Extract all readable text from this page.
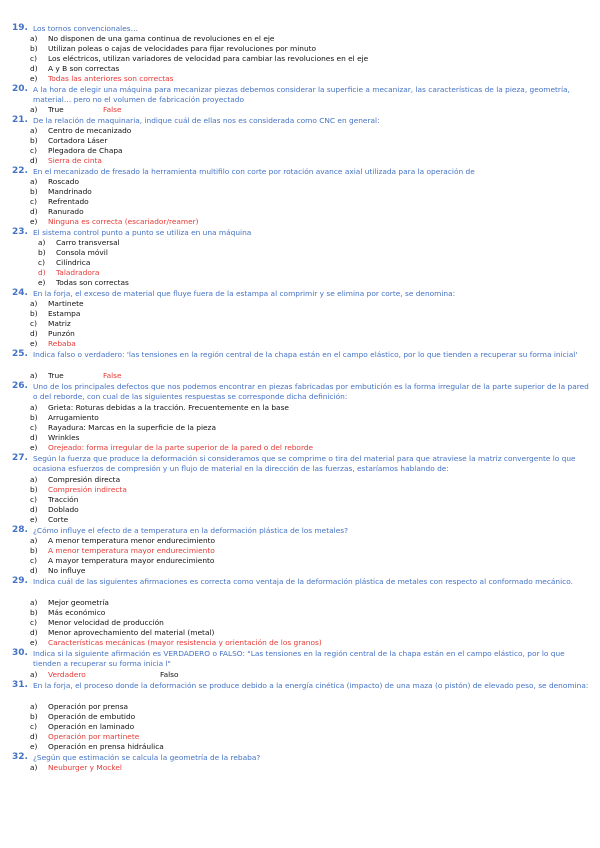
19. Los tornos convencionales…
a) No disponen de una gama continua de revoluciones en el eje
b) Utilizan poleas o cajas de velocidades para fijar revoluciones por minuto
c) Los eléctricos, utilizan variadores de velocidad para cambiar las revoluciones en el eje
d) A y B son correctas
e) Todas las anteriores son correctas
20. A la hora de elegir una máquina para mecanizar piezas debemos considerar la superficie a mecanizar, las características de la pieza, geometría, material… pero no el volumen de fabricación proyectado
a) True	False
21. De la relación de maquinaria, indique cuál de ellas nos es considerada como CNC en general:
a) Centro de mecanizado
b) Cortadora Láser
c) Plegadora de Chapa
d) Sierra de cinta
22. En el mecanizado de fresado la herramienta multifilo con corte por rotación avance axial utilizada para la operación de
a) Roscado
b) Mandrinado
c) Refrentado
d) Ranurado
e) Ninguna es correcta (escariador/reamer)
23. El sistema control punto a punto se utiliza en una máquina
a) Carro transversal
b) Consola móvil
c) Cilíndrica
d) Taladradora
e) Todas son correctas
24. En la forja, el exceso de material que fluye fuera de la estampa al comprimir y se elimina por corte, se denomina:
a) Martinete
b) Estampa
c) Matriz
d) Punzón
e) Rebaba
25. Indica falso o verdadero: 'las tensiones en la región central de la chapa están en el campo elástico, por lo que tienden a recuperar su forma inicial'
a) True	False
26. Uno de los principales defectos que nos podemos encontrar en piezas fabricadas por embutición es la forma irregular de la parte superior de la pared o del reborde, con cual de las siguientes respuestas se corresponde dicha definición:
a) Grieta: Roturas debidas a la tracción. Frecuentemente en la base
b) Arrugamiento
c) Rayadura: Marcas en la superficie de la pieza
d) Wrinkles
e) Orejeado: forma irregular de la parte superior de la pared o del reborde
27. Según la fuerza que produce la deformación si consideramos que se comprime o tira del material para que atraviese la matriz convergente lo que ocasiona esfuerzos de compresión y un flujo de material en la dirección de las fuerzas, estaríamos hablando de:
a) Compresión directa
b) Compresión indirecta
c) Tracción
d) Doblado
e) Corte
28. ¿Cómo influye el efecto de a temperatura en la deformación plástica de los metales?
a) A menor temperatura menor endurecimiento
b) A menor temperatura mayor endurecimiento
c) A mayor temperatura mayor endurecimiento
d) No influye
29. Indica cuál de las siguientes afirmaciones es correcta como ventaja de la deformación plástica de metales con respecto al conformado mecánico.
a) Mejor geometría
b) Más económico
c) Menor velocidad de producción
d) Menor aprovechamiento del material (metal)
e) Características mecánicas (mayor resistencia y orientación de los granos)
30. Indica si la siguiente afirmación es VERDADERO o FALSO: "Las tensiones en la región central de la chapa están en el campo elástico, por lo que tienden a recuperar su forma inicia l"
a) Verdadero	Falso
31. En la forja, el proceso donde la deformación se produce debido a la energía cinética (impacto) de una maza (o pistón) de elevado peso, se denomina:
a) Operación por prensa
b) Operación de embutido
c) Operación en laminado
d) Operación por martinete
e) Operación en prensa hidráulica
32. ¿Según que estimación se calcula la geometría de la rebaba?
a) Neuburger y Mockel
